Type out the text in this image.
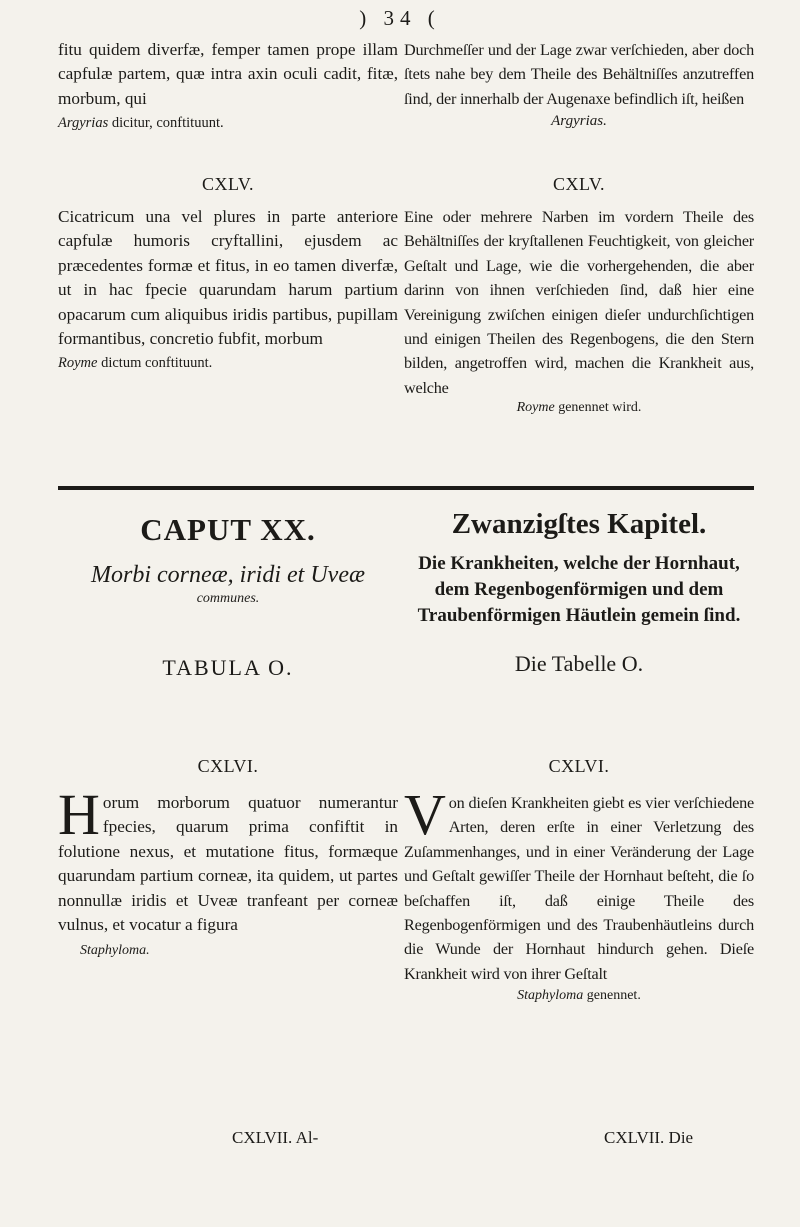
) 34 (

fitu quidem diverfæ, femper tamen prope illam capfulæ partem, quæ intra axin oculi cadit, fitæ, morbum, qui

Argyrias dicitur, conftituunt.

Durchmeſſer und der Lage zwar verſchieden, aber doch ſtets nahe bey dem Theile des Behältniſſes anzutreffen ſind, der innerhalb der Augenaxe befindlich iſt, heißen

Argyrias.

CXLV.

Cicatricum una vel plures in parte anteriore capfulæ humoris cryftallini, ejusdem ac præcedentes formæ et fitus, in eo tamen diverfæ, ut in hac fpecie quarundam harum partium opacarum cum aliquibus iridis partibus, pupillam formantibus, concretio fubfit, morbum

Royme dictum conftituunt.

CXLV.

Eine oder mehrere Narben im vordern Theile des Behältniſſes der kryſtallenen Feuchtigkeit, von gleicher Geſtalt und Lage, wie die vorhergehenden, die aber darinn von ihnen verſchieden ſind, daß hier eine Vereinigung zwiſchen einigen dieſer undurchſichtigen und einigen Theilen des Regenbogens, die den Stern bilden, angetroffen wird, machen die Krankheit aus, welche

Royme genennet wird.

CAPUT XX.
Morbi corneæ, iridi et Uveæ
communes.
TABULA O.
Zwanzigſtes Kapitel.
Die Krankheiten, welche der Hornhaut, dem Regenbogenförmigen und dem Traubenförmigen Häutlein gemein ſind.
Die Tabelle O.
CXLVI.

Horum morborum quatuor numerantur fpecies, quarum prima confiftit in folutione nexus, et mutatione fitus, formæque quarundam partium corneæ, ita quidem, ut partes nonnullæ iridis et Uveæ tranfeant per corneæ vulnus, et vocatur a figura

Staphyloma.

CXLVI.

Von dieſen Krankheiten giebt es vier verſchiedene Arten, deren erſte in einer Verletzung des Zuſammenhanges, und in einer Veränderung der Lage und Geſtalt gewiſſer Theile der Hornhaut beſteht, die ſo beſchaffen iſt, daß einige Theile des Regenbogenförmigen und des Traubenhäutleins durch die Wunde der Hornhaut hindurch gehen. Dieſe Krankheit wird von ihrer Geſtalt

Staphyloma genennet.

CXLVII. Al-	CXLVII. Die
